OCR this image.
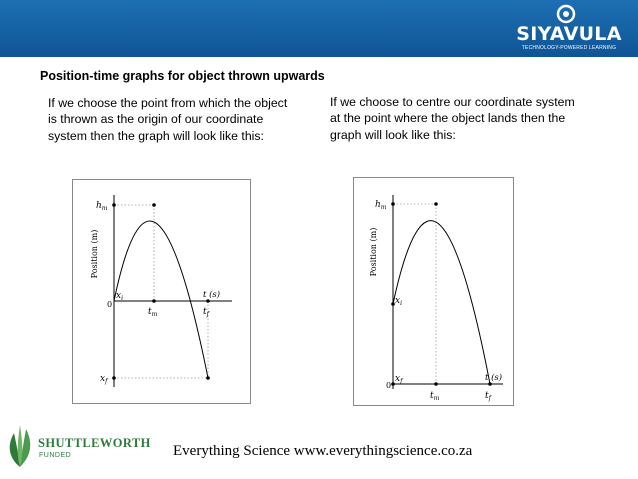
SIYAVULA
TECHNOLOGY-POWERED LEARNING
Position-time graphs for object thrown upwards
If we choose the point from which the object is thrown as the origin of our coordinate system then the graph will look like this:
If we choose to centre our coordinate system at the point where the object lands then the graph will look like this:
Position (m)
$h_m$
$x_i$
0
t (s)
$t_m$	$t_f$
$x_f$
Position (m)
$h_m$
$x_i$
$x_f$
0
t (s)
$t_m$	$t_f$
SHUTTLEWORTH
FUNDED	Everything Science www.everythingscience.co.za
